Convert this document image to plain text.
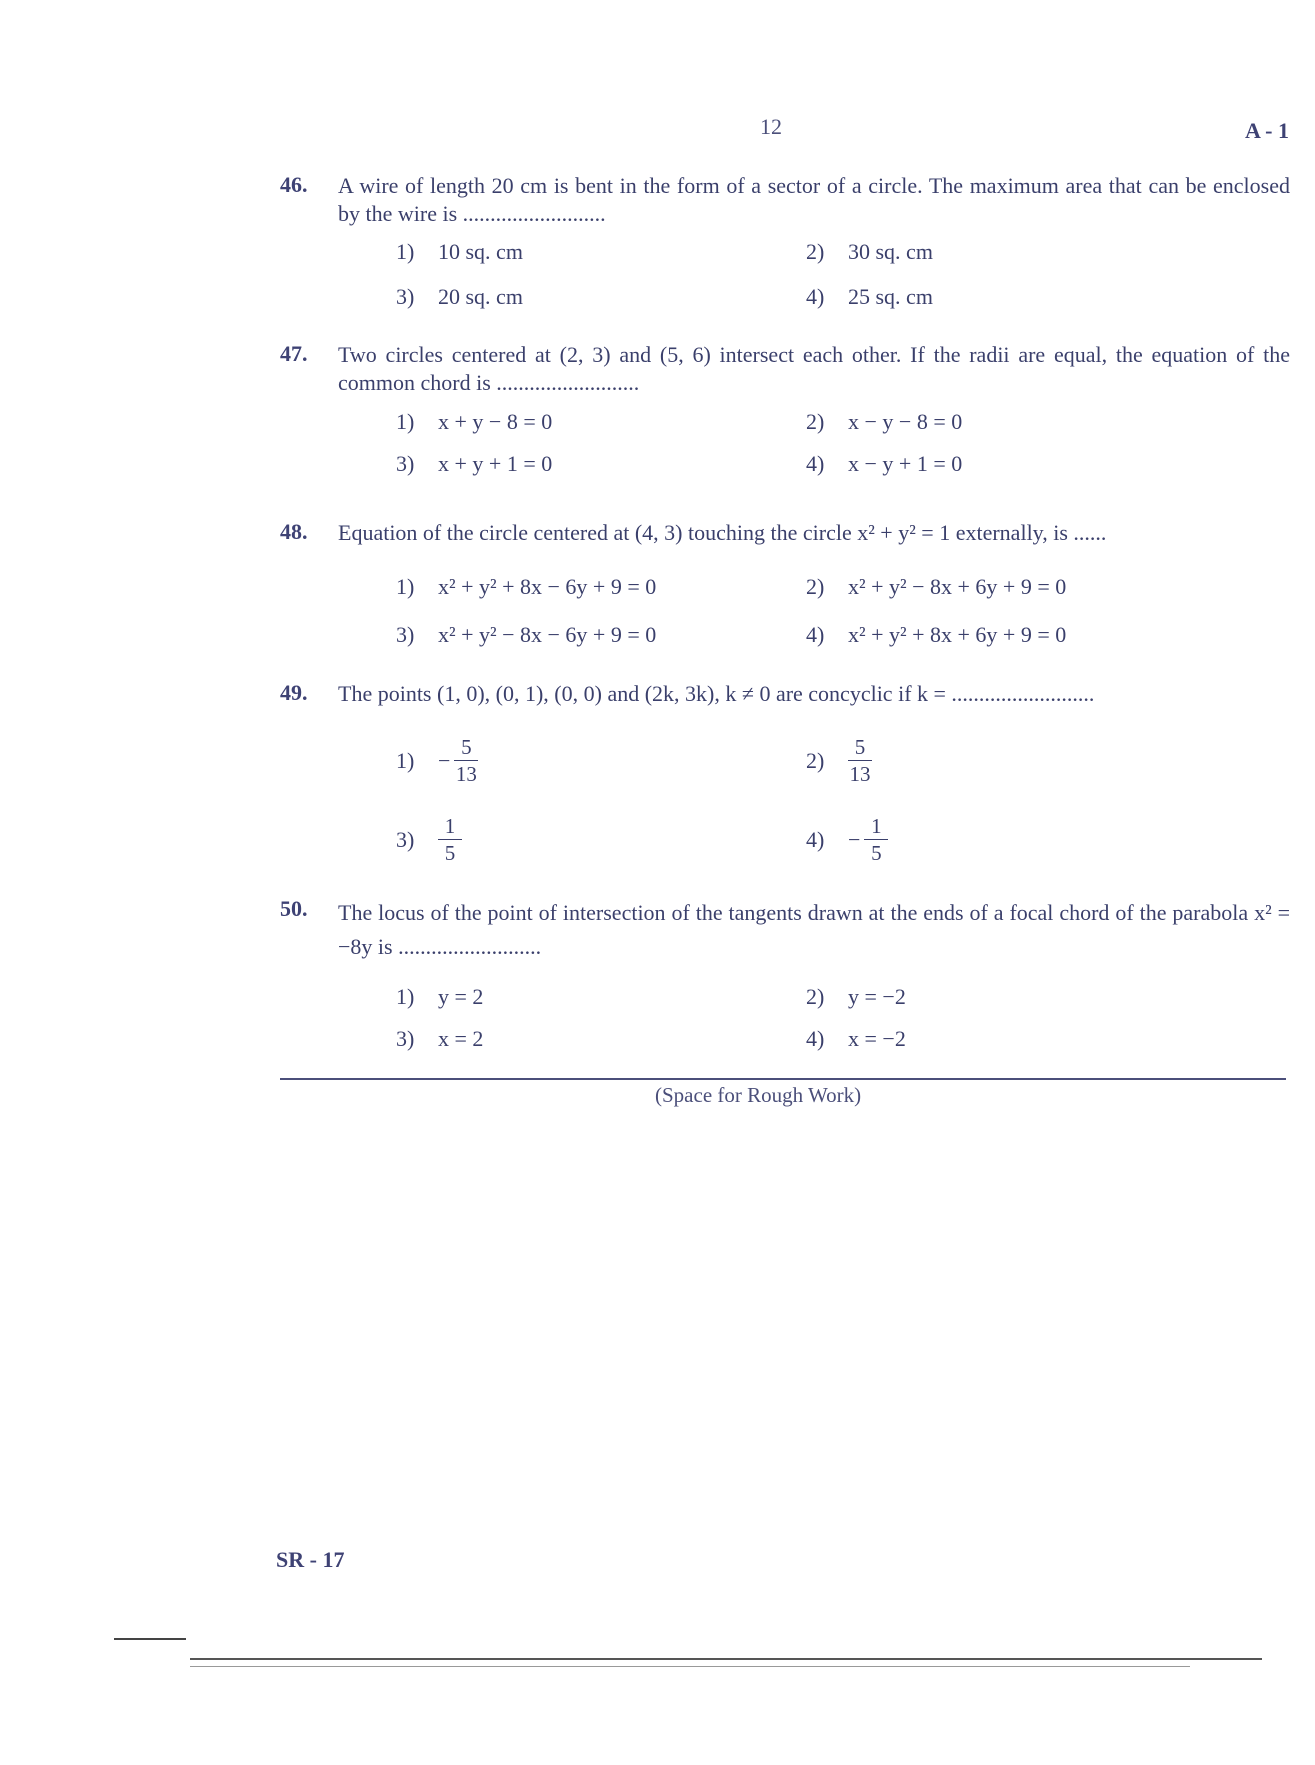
12	A - 1
46. A wire of length 20 cm is bent in the form of a sector of a circle. The maximum area that can be enclosed by the wire is ..........................
1)	10 sq. cm	2)	30 sq. cm
3)	20 sq. cm	4)	25 sq. cm
47. Two circles centered at (2, 3) and (5, 6) intersect each other. If the radii are equal, the equation of the common chord is ..........................
1)	x + y − 8 = 0	2)	x − y − 8 = 0
3)	x + y + 1 = 0	4)	x − y + 1 = 0
48. Equation of the circle centered at (4, 3) touching the circle x² + y² = 1 externally, is ......
1)	x² + y² + 8x − 6y + 9 = 0	2)	x² + y² − 8x + 6y + 9 = 0
3)	x² + y² − 8x − 6y + 9 = 0	4)	x² + y² + 8x + 6y + 9 = 0
49. The points (1, 0), (0, 1), (0, 0) and (2k, 3k), k ≠ 0 are concyclic if k = ..........................
1)	− $\frac{5}{13}$	2)	$\frac{5}{13}$
3)	$\frac{1}{5}$	4)	− $\frac{1}{5}$
50. The locus of the point of intersection of the tangents drawn at the ends of a focal chord of the parabola x² = −8y is ..........................
1)	y = 2	2)	y = −2
3)	x = 2	4)	x = −2
(Space for Rough Work)
SR - 17
